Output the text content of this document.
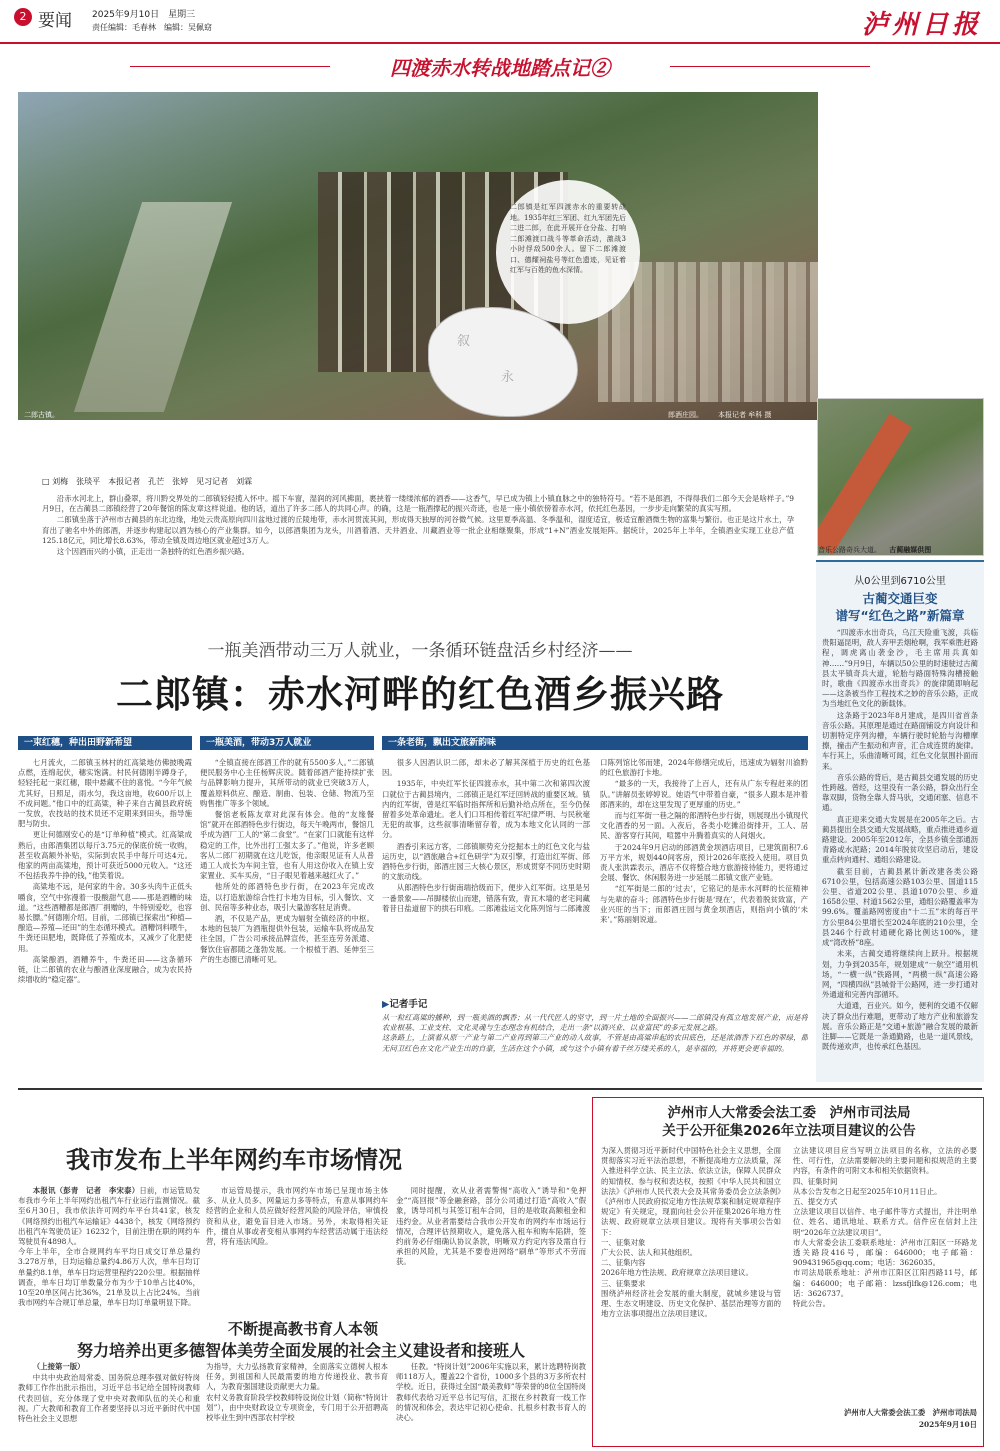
2 要闻 2025年9月10日　星期三
责任编辑：毛春林　编辑：吴佩窈	泸州日报
四渡赤水转战地踏点记②
二郎镇是红军四渡赤水的重要转战地。1935年红三军团、红九军团先后二进二郎，在此开展开仓分盐、打响二郎滩渡口战斗等革命活动，激战3小时俘敌500余人。留下二郎滩渡口、德耀祠盐号等红色遗迹，见证着红军与百姓的鱼水深情。
叙
永
二郎古镇。	郎酒庄园。 本报记者 牟科 摄
音乐公路奇兵大道。 古蔺融媒供图
从0公里到6710公里
古蔺交通巨变
谱写“红色之路”新篇章

“四渡赤水出奇兵，乌江天险重飞渡，兵临贵阳逼昆明，敌人弃甲丢烟枪啊，我军乘胜赶路程，调虎离山袭金沙，毛主席用兵真如神……”9月9日，车辆以50公里的时速驶过古蔺县太平镇奇兵大道，轮胎与路面特殊沟槽接触时，歌曲《四渡赤水出奇兵》的旋律随即响起——这条被当作工程技术之妙的音乐公路，正成为当地红色文化的新载体。

这条路于2023年8月建成，是四川省首条音乐公路。其原理是通过在路面铺设方向设计和切割特定序列沟槽，车辆行驶时轮胎与沟槽摩擦，撞击产生振动和声音，汇合成连贯的旋律。车行其上，乐曲清晰可闻，红色文化氛围扑面而来。

音乐公路的背后，是古蔺县交通发展的历史性跨越。曾经，这里没有一条公路，群众出行全靠双脚，货物全靠人背马驮，交通闭塞、信息不通。

真正迎来交通大发展是在2005年之后。古蔺县提出全县交通大发展战略，重点推进通乡道路建设。2005年至2012年，全县乡镇全部通沥青路或水泥路；2014年脱贫攻坚启动后，建设重点转向通村、通组公路建设。

截至目前，古蔺县累计新改建各类公路6710公里，包括高速公路103公里、国道115公里、省道202公里、县道1070公里、乡道1658公里、村道1562公里，通组公路覆盖率为99.6%。覆盖路网密度由“十二五”末的每百平方公里84公里增长至2024年底的210公里，全县246个行政村通硬化路比例达100%，建成“湾改桥”8座。

未来，古蔺交通将继续向上跃升。根据规划，力争到2035年，规划建成“一航空”通用机场，“一横一纵”铁路网，“两横一纵”高速公路网，“四横四纵”县城骨干公路网，进一步打通对外通道和完善内部循环。

大道通，百业兴。如今，便利的交通不仅解决了群众出行难题，更带动了地方产业和旅游发展。音乐公路正是“交通+旅游”融合发展的最新注脚——它既是一条通勤路，也是一道风景线，既传递欢声，也传承红色基因。

□ 刘梅　张琰平　本报记者　孔芒　张婷　见习记者　刘霖

沿赤水河北上，群山叠翠，将川黔交界处的二郎镇轻轻揽入怀中。摇下车窗，湿润的河风拂面，裹挟着一缕缕浓郁的酒香——这香气，早已成为镇上小镇血脉之中的独特符号。“若不是郎酒，不得得我们二郎今天会是啥样子。”9月9日，在古蔺县二郎镇经营了20年餐馆的陈友章这样说道。他的话，道出了许多二郎人的共同心声。的确，这是一瓶酒撑起的振兴奇迹，也是一座小镇依傍着赤水河，依托红色基因，一步步走向繁荣的真实写照。

二郎镇坐落于泸州市古蔺县的东北边缘，地处云贵高原向四川盆地过渡的丘陵地带，赤水河贯流其间，形成得天独厚的河谷微气候。这里夏季高温、冬季温和，湿度适宜，极适宜酿酒微生物的富集与繁衍。也正是这片水土，孕育出了驰名中外的郎酒，并逐步构建起以酒为核心的产业集群。如今，以郎酒集团为龙头，川酒着酒、天井酒业、川藏酒业等一批企业相继聚集，形成“1+N”酒业发展矩阵。据统计，2025年上半年，全镇酒业实现工业总产值125.18亿元，同比增长8.63%，带动全镇及周边地区就业超过3万人。

这个因酒而兴的小镇，正走出一条独特的红色酒乡振兴路。

一瓶美酒带动三万人就业，一条循环链盘活乡村经济——
二郎镇：赤水河畔的红色酒乡振兴路
一束红穗，种出田野新希望

七月流火，二郎镇玉林村的红高粱地仿佛披晚霞点燃，连绵起伏，穗实饱满。村民何德刚半蹲身子，轻轻托起一束红穗，眼中悬藏不住的喜悦。“今年气候尤其好，日照足，雨水匀，我这亩地，收600斤以上不成问题。”他口中的红高粱，种子来自古蔺县政府统一发放，农技站的技术员还不定期来到田头，指导施肥与防虫。

更让何德刚安心的是“订单种植”模式。红高粱成熟后，由郎酒集团以每斤3.75元的保底价统一收购，甚至收高额外补贴，实际到农民手中每斤可达4元。他家的两亩高粱地，预计可获近5000元收入。“这还不包括我养牛挣的钱，”他笑着说。

高粱地不远，是何家的牛舍。30多头肉牛正低头嚼食，空气中弥漫着一股酸甜气息——那是酒糟的味道。“这些酒糟都是郎酒厂捐赠的，牛特别爱吃，也容易长膘。”何德刚介绍。目前，二郎镇已探索出“种植—酿造—养殖—还田”的生态循环模式。酒糟饲料喂牛，牛粪还田肥地，既降低了养殖成本，又减少了化肥使用。

高粱酿酒，酒糟养牛，牛粪还田——这条循环链，让二郎镇的农业与酿酒业深度融合，成为农民持续增收的“稳定器”。

一瓶美酒，带动3万人就业

“全镇直接在郎酒工作的就有5500多人。”二郎镇便民服务中心主任杨辉庆说。随着郎酒产能持续扩张与品牌影响力提升，其所带动的就业已突破3万人，覆盖原料供应、酿造、制曲、包装、仓储、物流乃至购售推广等多个领域。

餐馆老板陈友章对此深有体会。他的“友缘餐馆”就开在郎酒特色步行街边，每天午晚两市，餐馆几乎成为酒厂工人的“第二食堂”。“在家门口就能有这样稳定的工作，比外出打工强太多了。”他说，许多老顾客从二郎厂初期就在这儿吃饭，他亲眼见证有人从普通工人成长为车间主管，也有人用这份收入在镇上安家置业、买车买房，“日子眼见着越来越红火了。”

他所处的郎酒特色步行街，在2023年完成改造，以打造旅游综合性打卡地为目标，引入餐饮、文创、民宿等多种业态，吸引大量游客驻足消费。

酒，不仅是产品，更成为辐射全镇经济的中枢。本地的包装厂为酒瓶提供外包装，运输车队将成品发往全国，广告公司承接品牌宣传，甚至连劳务派遣、餐饮住宿都随之蓬勃发展。一个根植于酒、延伸至三产的生态圈已清晰可见。

一条老街，飘出文旅新韵味

很多人因酒认识二郎，却未必了解其深植于历史的红色基因。

1935年，中央红军长征四渡赤水，其中第二次和第四次渡口就位于古蔺县境内，二郎镇正是红军迂回转战的重要区域。镇内的红军街，曾是红军临时指挥所和后勤补给点所在，至今仍保留着多处革命遗址。老人们口耳相传着红军纪律严明、与民秋毫无犯的故事，这些叙事清晰留存着，成为本地文化认同的一部分。

酒香引来远方客，二郎镇顺势充分挖掘本土的红色文化与盐运历史，以“酒旅融合+红色研学”为双引擎，打造出红军街、郎酒特色步行街，郎酒庄园三大核心景区，形成贯穿不同历史时期的文旅动线。

从郎酒特色步行街南端拾级而下，便步入红军街。这里是另一番景象——吊脚楼依山而建，错落有致，青瓦木墙的老宅间藏着昔日盐道留下的拱石印痕。二郎滩盐运文化陈列馆与二郎滩渡口陈列馆比邻而建，2024年修缮完成后，迅速成为辐射川渝黔的红色旅游打卡地。

“最多的一天，我接待了上百人，还有从广东专程赶来的团队。”讲解员张婷婷说。她语气中带着自豪，“很多人跟本是冲着郎酒来的，却在这里发现了更厚重的历史。”

而与红军街一巷之隔的郎酒特色步行街，则展现出小镇现代文化酒香的另一面。入夜后，各类小吃摊沿街排开，工人、居民、游客穿行其间，喧嚣中升腾着真实的人间烟火。

于2024年9月启动的郎酒黄金坝酒店项目，已建筑面积7.6万平方米，规划440间客房，预计2026年底投入使用。项目负责人张洪霖表示，酒店不仅将整合地方旅游接待能力，更将通过会展、餐饮、休闲服务进一步延展二郎镇文旅产业链。

“红军街是二郎的‘过去’，它铭记的是赤水河畔的长征精神与先辈的奋斗；郎酒特色步行街是‘现在’，代表着脱贫致富，产业兴旺的当下；而郎酒庄园与黄金坝酒店，则指向小镇的‘未来’。”陈丽娟说道。

▶记者手记
从一粒红高粱的播种，到一瓶美酒的飘香；从一代代匠人的坚守，到一片土地的全面振兴——二郎镇没有孤立地发展产业，而是将农业根基、工业支柱、文化灵魂与生态理念有机结合，走出一条“以酒兴业、以业富民”的多元发展之路。
这条路上，上演着从原一产业与第二产业再到第三产业的动人故事，不管是由高粱串起的农田底色，还是浓酒香下红色的翠绿，都无问卫红色在文化产业生出的自豪，生活在这个小镇，或与这个小镇有着千丝万缕关系的人，是幸福的，并将更会更幸福的。
我市发布上半年网约车市场情况

本报讯（彭青　记者　李宋泰）日前，市运管局发布我市今年上半年网约出租汽车行业运行监测情况。截至6月30日，我市依法许可网约车平台共41家，核发《网络预约出租汽车运输证》4438个，核发《网络预约出租汽车驾驶员证》16232个，目前注册在职的网约车驾驶员有4898人。
今年上半年，全市合规网约车平均日成交订单总量约3.278万单，日均运输总量约4.86万人次，单车日均订单量约8.1单，单车日均运营里程约220公里。根据抽样调查，单车日均订单数量分布为少于10单占比40%，10至20单区间占比36%，21单及以上占比24%。当前我市网约车合规订单总量，单车日均订单量明显下降。

市运管局提示，我市网约车市场已呈现市场主体多、从业人员多、网量运力多等特点，有意从事网约车经营的企业和人员应做好经营风险的风险评估，审慎投资和从业，避免盲目进入市场。另外，未取得相关证件，擅自从事或者变相从事网约车经营活动属于违法经营，将有违法风险。

同时提醒，欢从业者需警惕“高收入”诱导和“免押金”“高回报”等金融套路，部分公司通过打造“高收入”假象，诱导司机与其签订租车合同，目的是收取高额租金和违约金。从业者需要结合我市公开发布的网约车市场运行情况，合理评估预期收入，避免落入租车和购车陷阱，签约前务必仔细确认协议条款，明晰双方约定内容及需自行承担的风险，尤其是不要卷进网络“刷单”等形式不劳而获。

泸州市人大常委会法工委　泸州市司法局
关于公开征集2026年立法项目建议的公告
为深入贯彻习近平新时代中国特色社会主义思想，全面贯彻落实习近平法治思想，不断提高地方立法质量，深入推进科学立法、民主立法、依法立法，保障人民群众的知情权、参与权和表达权，按照《中华人民共和国立法法》《泸州市人民代表大会及其常务委员会立法条例》《泸州市人民政府拟定地方性法规草案和制定规章程序规定》有关规定，现面向社会公开征集2026年地方性法规、政府规章立法项目建议。现将有关事项公告如下：
一、征集对象
广大公民、法人和其他组织。
二、征集内容
2026年地方性法规、政府规章立法项目建议。
三、征集要求
围绕泸州经济社会发展的重大制度，就城乡建设与管理、生态文明建设、历史文化保护、基层治理等方面的地方立法事项提出立法项目建议。
立法建议项目应当写明立法项目的名称，立法的必要性、可行性，立法需要解决的主要问题和拟规范的主要内容，有条件的可附文本和相关依据资料。
四、征集时间
从本公告发布之日起至2025年10月11日止。
五、提交方式
立法建议项目以信件、电子邮件等方式提出，并注明单位、姓名、通讯地址、联系方式。信件应在信封上注明“2026年立法建议项目”。
市人大常委会法工委联系地址：泸州市江阳区一环路龙透关路段416号，邮编：646000；电子邮箱：909431965@qq.com；电话：3626035。
市司法局联系地址：泸州市江阳区江阳西路11号，邮编：646000；电子邮箱：lzssfjlfk@126.com；电话：3626737。
特此公告。
泸州市人大常委会法工委　泸州市司法局
2025年9月10日
不断提高教书育人本领
努力培养出更多德智体美劳全面发展的社会主义建设者和接班人

（上接第一版）

中共中央政治局常委、国务院总理李强对做好特岗教师工作作出批示指出，习近平总书记给全国特岗教师代表回信，充分体现了党中央对教师队伍的关心和重视。广大教师和教育工作者要坚持以习近平新时代中国特色社会主义思想

为指导，大力弘扬教育家精神，全面落实立德树人根本任务，到祖国和人民最需要的地方传递投业、教书育人，为教育强国建设贡献更大力量。
农村义务教育阶段学校教师特设岗位计划（简称“特岗计划”），由中央财政设立专项资金，专门用于公开招聘高校毕业生到中西部农村学校

任教。“特岗计划”2006年实施以来，累计选聘特岗教师118万人，覆盖22个省份，1000多个县的3万多所农村学校。近日，获得过全国“最美教师”等荣誉的8位全国特岗教师代表给习近平总书记写信，汇报在乡村教育一线工作的情况和体会，表达牢记初心使命、扎根乡村教书育人的决心。
